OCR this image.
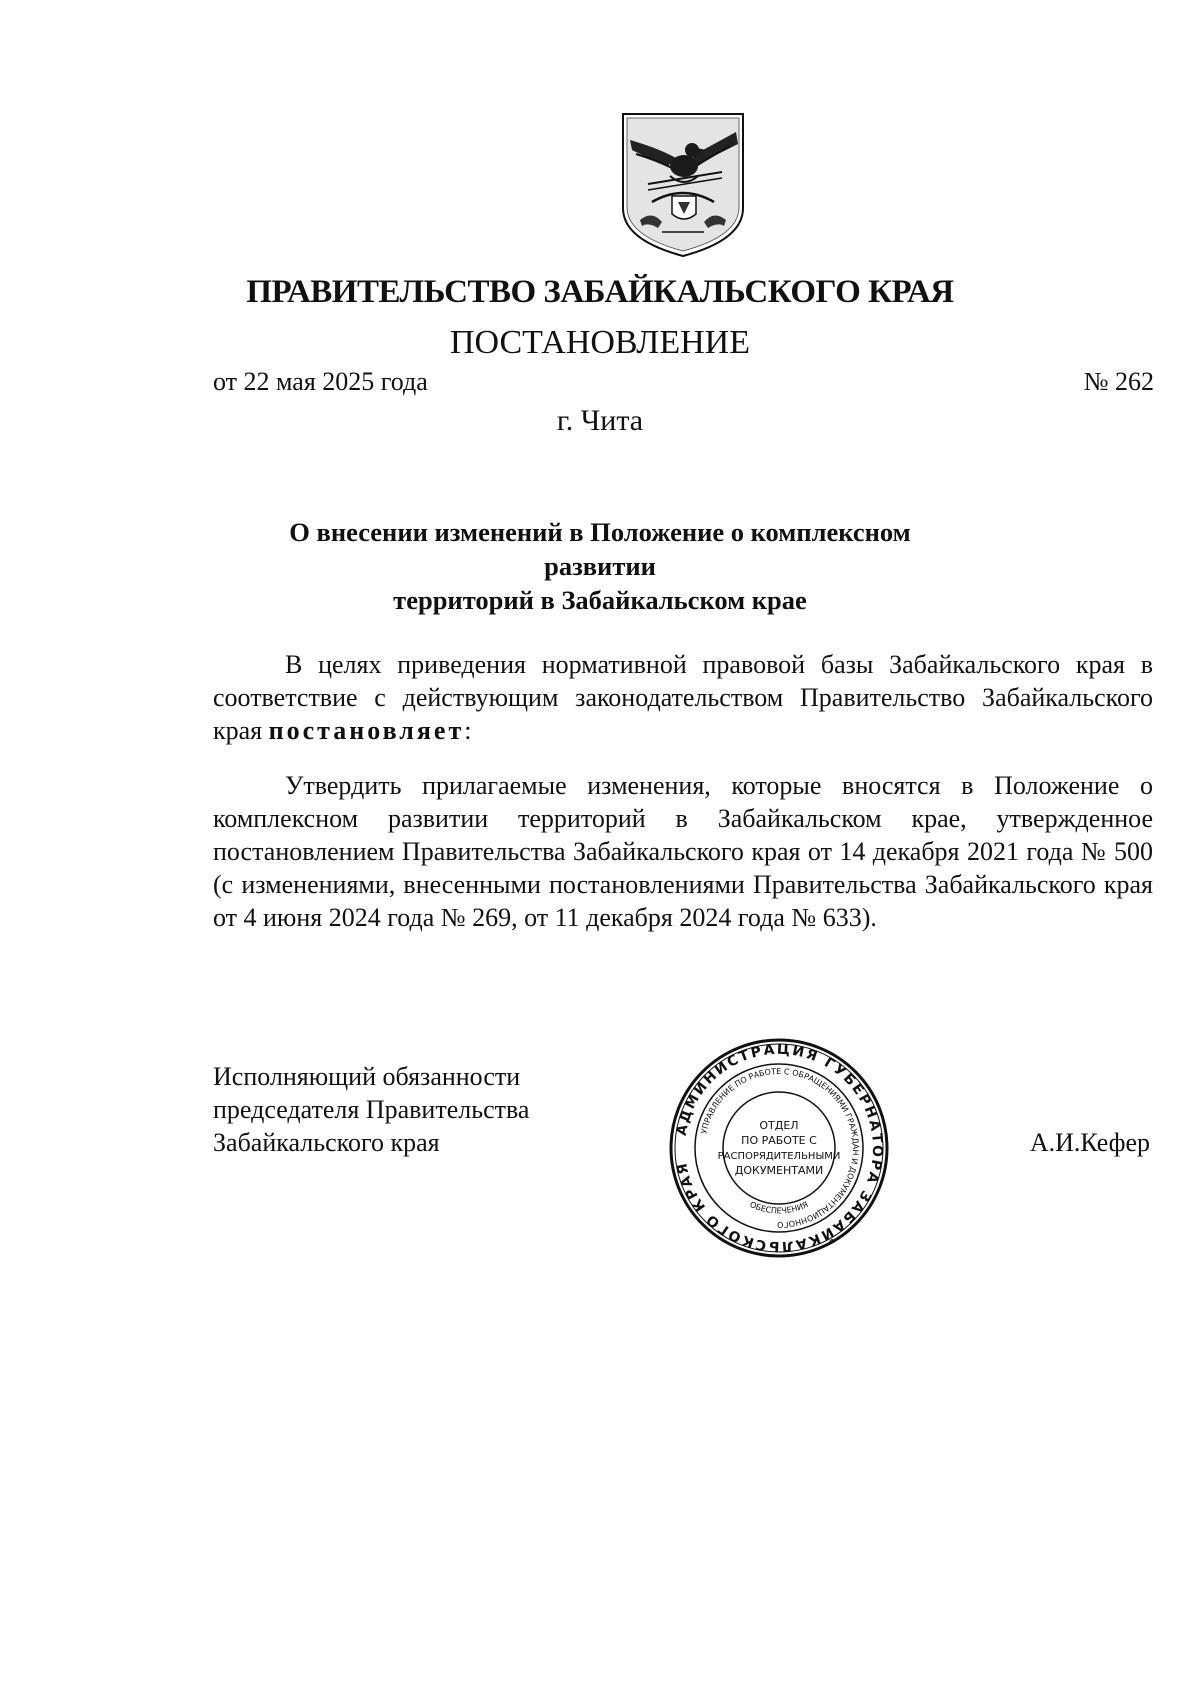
ПРАВИТЕЛЬСТВО ЗАБАЙКАЛЬСКОГО КРАЯ
ПОСТАНОВЛЕНИЕ
от 22 мая 2025 года	№ 262
г. Чита
О внесении изменений в Положение о комплексном развитии
территорий в Забайкальском крае
В целях приведения нормативной правовой базы Забайкальского края в соответствие с действующим законодательством Правительство Забайкальского края постановляет:
Утвердить прилагаемые изменения, которые вносятся в Положение о комплексном развитии территорий в Забайкальском крае, утвержденное постановлением Правительства Забайкальского края от 14 декабря 2021 года № 500 (с изменениями, внесенными постановлениями Правительства Забайкальского края от 4 июня 2024 года № 269, от 11 декабря 2024 года № 633).
Исполняющий обязанности
председателя Правительства
Забайкальского края	АДМИНИСТРАЦИЯ ГУБЕРНАТОРА ЗАБАЙКАЛЬСКОГО КРАЯ
УПРАВЛЕНИЕ ПО РАБОТЕ С ОБРАЩЕНИЯМИ ГРАЖДАН И ДОКУМЕНТАЦИОННОГО
ОБЕСПЕЧЕНИЯ
ОТДЕЛ
ПО РАБОТЕ С
РАСПОРЯДИТЕЛЬНЫМИ
ДОКУМЕНТАМИ
А.И.Кефер
